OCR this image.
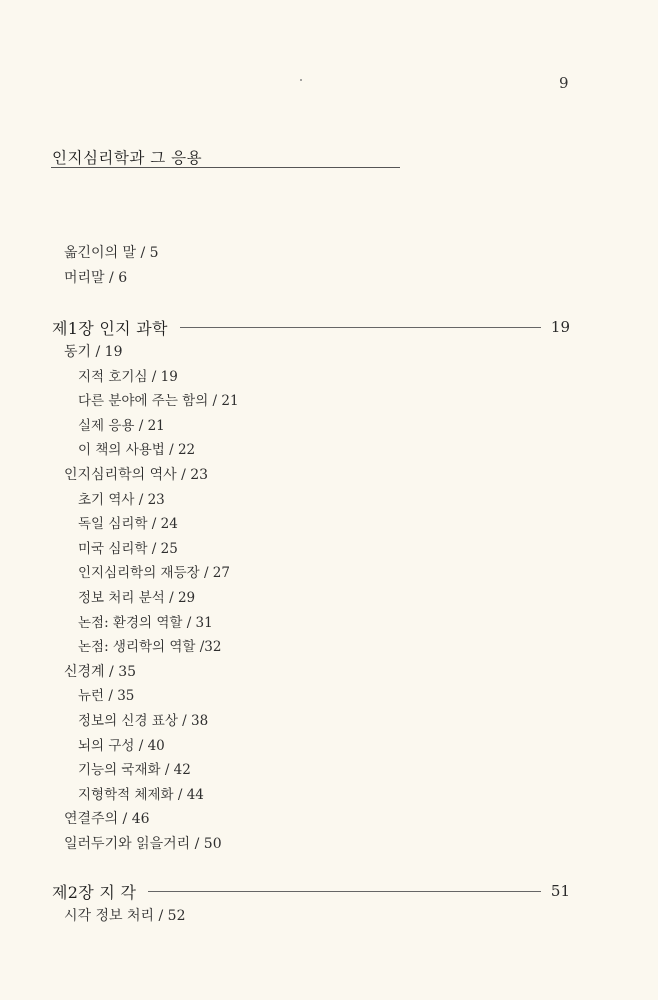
9
인지심리학과 그 응용
옮긴이의 말 / 5
머리말 / 6
제1장 인지 과학	19
동기 / 19
지적 호기심 / 19
다른 분야에 주는 함의 / 21
실제 응용 / 21
이 책의 사용법 / 22
인지심리학의 역사 / 23
초기 역사 / 23
독일 심리학 / 24
미국 심리학 / 25
인지심리학의 재등장 / 27
정보 처리 분석 / 29
논점: 환경의 역할 / 31
논점: 생리학의 역할 /32
신경계 / 35
뉴런 / 35
정보의 신경 표상 / 38
뇌의 구성 / 40
기능의 국재화 / 42
지형학적 체제화 / 44
연결주의 / 46
일러두기와 읽을거리 / 50
제2장 지 각	51
시각 정보 처리 / 52
